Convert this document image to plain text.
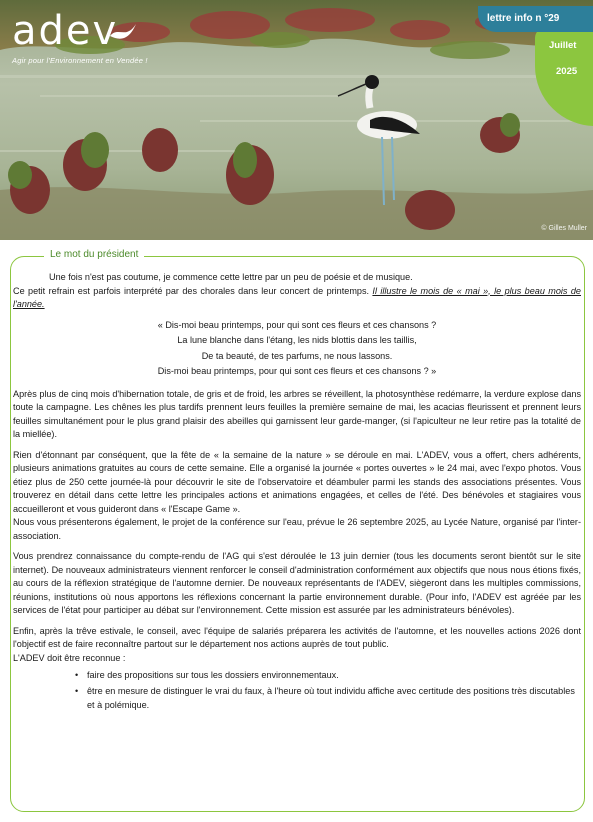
adev
Agir pour l'Environnement en Vendée !
lettre info n °29
Juillet
2025
© Gilles Muller
Le mot du président

Une fois n'est pas coutume, je commence cette lettre par un peu de poésie et de musique.

Ce petit refrain est parfois interprété par des chorales dans leur concert de printemps. Il illustre le mois de « mai », le plus beau mois de l'année.

« Dis-moi beau printemps, pour qui sont ces fleurs et ces chansons ?
La lune blanche dans l'étang, les nids blottis dans les taillis,
De ta beauté, de tes parfums, ne nous lassons.
Dis-moi beau printemps, pour qui sont ces fleurs et ces chansons ? »

Après plus de cinq mois d'hibernation totale, de gris et de froid, les arbres se réveillent, la photosynthèse redémarre, la verdure explose dans toute la campagne. Les chênes les plus tardifs prennent leurs feuilles la première semaine de mai, les acacias fleurissent et prennent leurs feuilles simultanément pour le plus grand plaisir des abeilles qui garnissent leur garde-manger, (si l'apiculteur ne leur retire pas la totalité de la miellée).

Rien d'étonnant par conséquent, que la fête de « la semaine de la nature » se déroule en mai. L'ADEV, vous a offert, chers adhérents, plusieurs animations gratuites au cours de cette semaine. Elle a organisé la journée « portes ouvertes » le 24 mai, avec l'expo photos. Vous étiez plus de 250 cette journée-là pour découvrir le site de l'observatoire et déambuler parmi les stands des associations présentes. Vous trouverez en détail dans cette lettre les principales actions et animations engagées, et celles de l'été. Des bénévoles et stagiaires vous accueilleront et vous guideront dans « l'Escape Game ».

Nous vous présenterons également, le projet de la conférence sur l'eau, prévue le 26 septembre 2025, au Lycée Nature, organisé par l'inter-association.

Vous prendrez connaissance du compte-rendu de l'AG qui s'est déroulée le 13 juin dernier (tous les documents seront bientôt sur le site internet). De nouveaux administrateurs viennent renforcer le conseil d'administration conformément aux objectifs que nous nous étions fixés, au cours de la réflexion stratégique de l'automne dernier. De nouveaux représentants de l'ADEV, siègeront dans les multiples commissions, réunions, institutions où nous apportons les réflexions concernant la partie environnement durable. (Pour info, l'ADEV est agréée par les services de l'état pour participer au débat sur l'environnement. Cette mission est assurée par les administrateurs bénévoles).

Enfin, après la trêve estivale, le conseil, avec l'équipe de salariés préparera les activités de l'automne, et les nouvelles actions 2026 dont l'objectif est de faire reconnaître partout sur le département nos actions auprès de tout public.

L'ADEV doit être reconnue :

• faire des propositions sur tous les dossiers environnementaux.
• être en mesure de distinguer le vrai du faux, à l'heure où tout individu affiche avec certitude des positions très discutables et à polémique.
